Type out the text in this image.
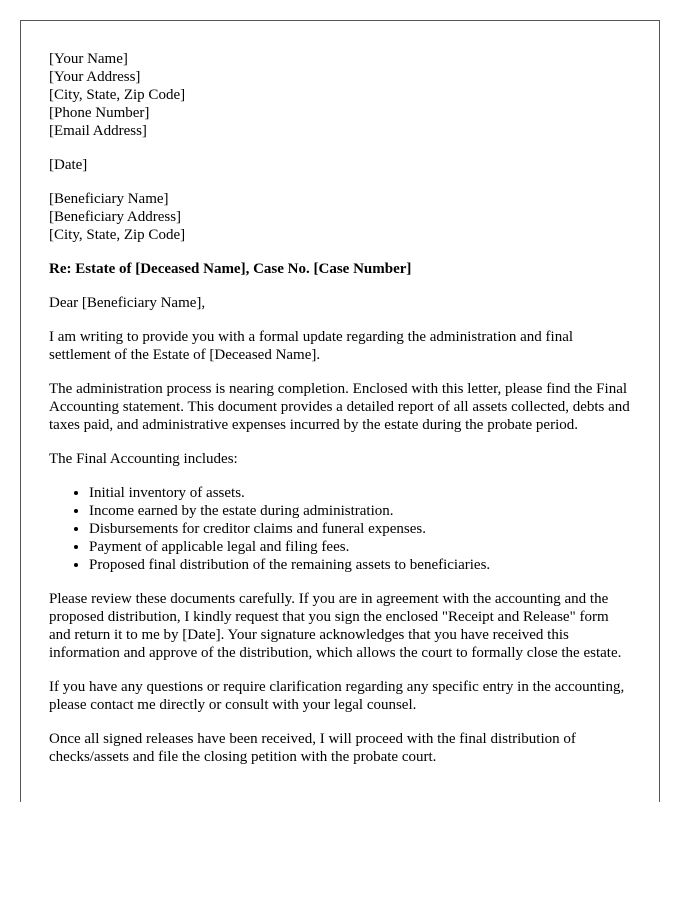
[Your Name]
[Your Address]
[City, State, Zip Code]
[Phone Number]
[Email Address]
[Date]
[Beneficiary Name]
[Beneficiary Address]
[City, State, Zip Code]
Re: Estate of [Deceased Name], Case No. [Case Number]
Dear [Beneficiary Name],

I am writing to provide you with a formal update regarding the administration and final settlement of the Estate of [Deceased Name].

The administration process is nearing completion. Enclosed with this letter, please find the Final Accounting statement. This document provides a detailed report of all assets collected, debts and taxes paid, and administrative expenses incurred by the estate during the probate period.

The Final Accounting includes:

• Initial inventory of assets.
• Income earned by the estate during administration.
• Disbursements for creditor claims and funeral expenses.
• Payment of applicable legal and filing fees.
• Proposed final distribution of the remaining assets to beneficiaries.

Please review these documents carefully. If you are in agreement with the accounting and the proposed distribution, I kindly request that you sign the enclosed "Receipt and Release" form and return it to me by [Date]. Your signature acknowledges that you have received this information and approve of the distribution, which allows the court to formally close the estate.

If you have any questions or require clarification regarding any specific entry in the accounting, please contact me directly or consult with your legal counsel.

Once all signed releases have been received, I will proceed with the final distribution of checks/assets and file the closing petition with the probate court.
